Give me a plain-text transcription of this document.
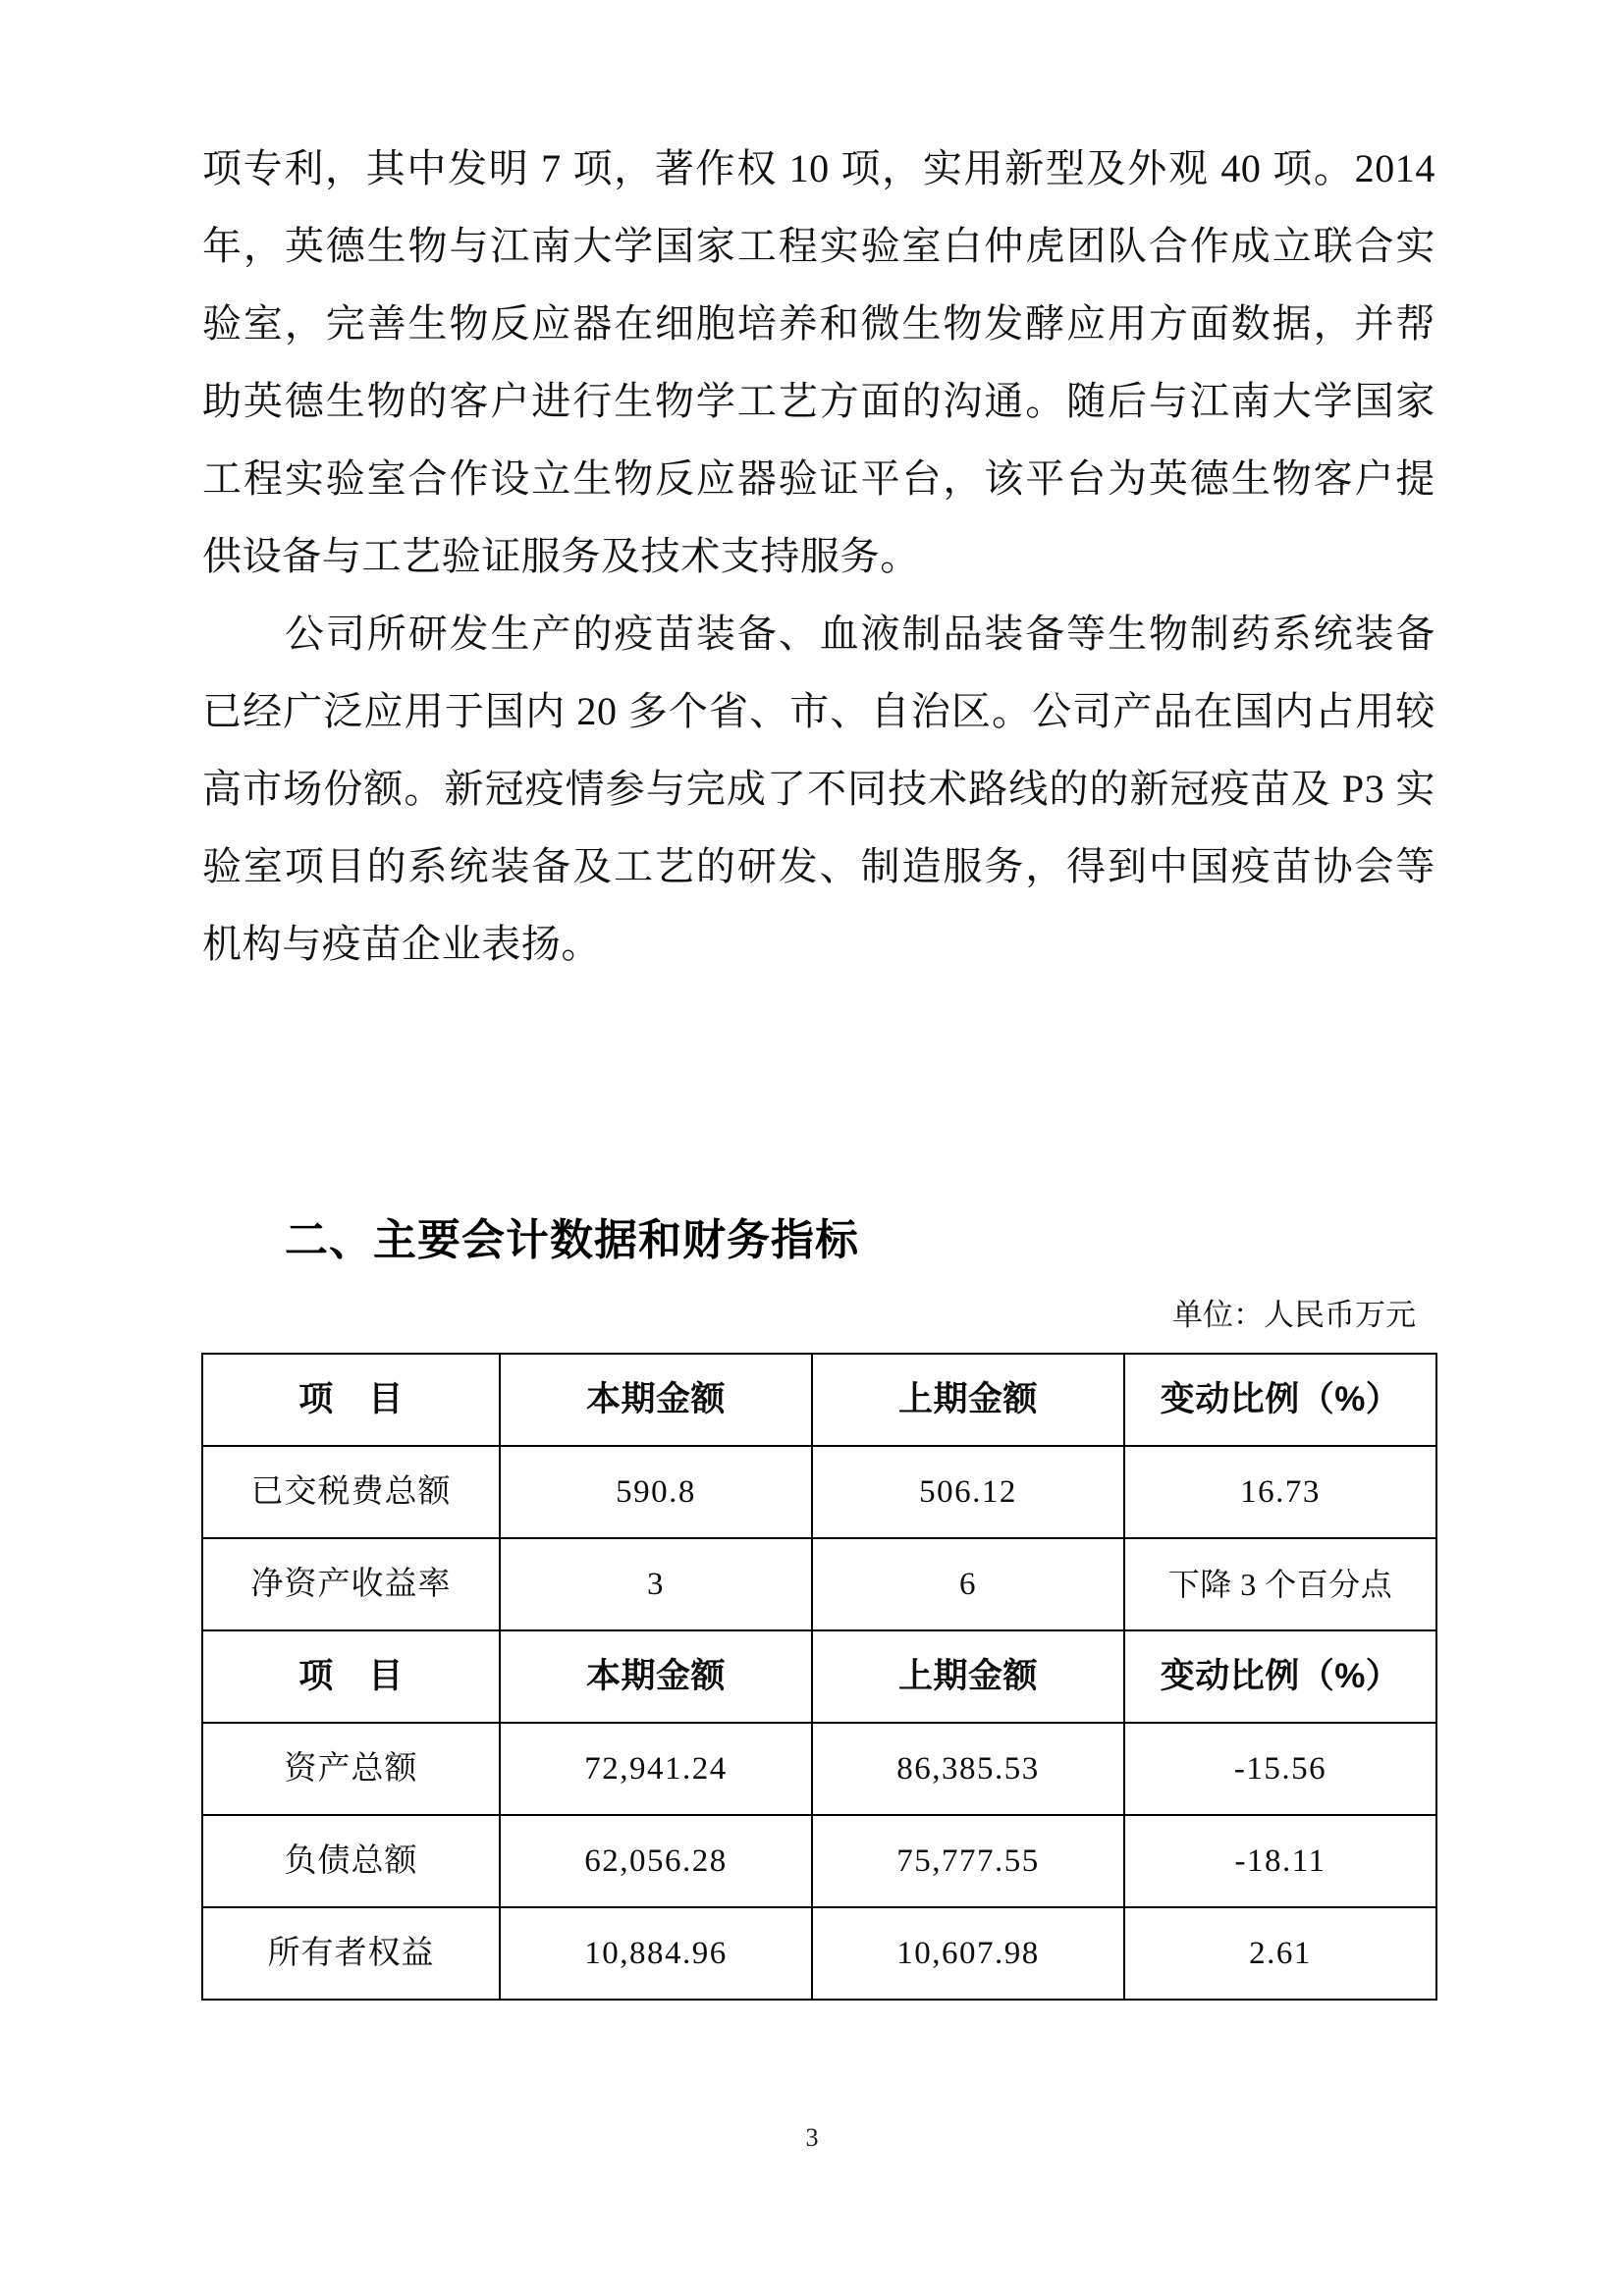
项专利，其中发明 7 项，著作权 10 项，实用新型及外观 40 项。2014 年，英德生物与江南大学国家工程实验室白仲虎团队合作成立联合实验室，完善生物反应器在细胞培养和微生物发酵应用方面数据，并帮助英德生物的客户进行生物学工艺方面的沟通。随后与江南大学国家工程实验室合作设立生物反应器验证平台，该平台为英德生物客户提供设备与工艺验证服务及技术支持服务。

公司所研发生产的疫苗装备、血液制品装备等生物制药系统装备已经广泛应用于国内 20 多个省、市、自治区。公司产品在国内占用较高市场份额。新冠疫情参与完成了不同技术路线的的新冠疫苗及 P3 实验室项目的系统装备及工艺的研发、制造服务，得到中国疫苗协会等机构与疫苗企业表扬。

二、主要会计数据和财务指标
单位：人民币万元
项　目	本期金额	上期金额	变动比例（%）
已交税费总额	590.8	506.12	16.73
净资产收益率	3	6	下降 3 个百分点
项　目	本期金额	上期金额	变动比例（%）
资产总额	72,941.24	86,385.53	-15.56
负债总额	62,056.28	75,777.55	-18.11
所有者权益	10,884.96	10,607.98	2.61
3
